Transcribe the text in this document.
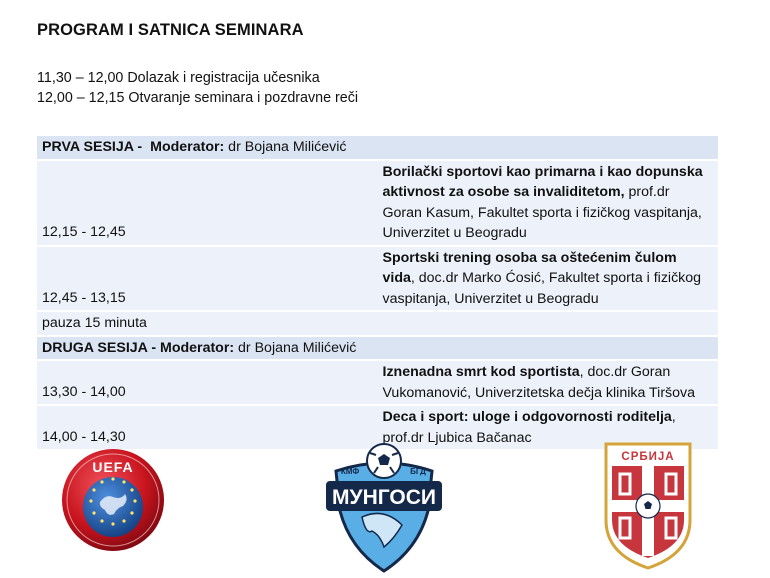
PROGRAM I SATNICA SEMINARA
11,30 – 12,00 Dolazak i registracija učesnika
12,00 – 12,15 Otvaranje seminara i pozdravne reči
PRVA SESIJA - Moderator: dr Bojana Milićević	
12,15 - 12,45	Borilački sportovi kao primarna i kao dopunska aktivnost za osobe sa invaliditetom, prof.dr Goran Kasum, Fakultet sporta i fizičkog vaspitanja, Univerzitet u Beogradu
12,45 - 13,15	Sportski trening osoba sa oštećenim čulom vida, doc.dr Marko Ćosić, Fakultet sporta i fizičkog vaspitanja, Univerzitet u Beogradu
pauza 15 minuta	
DRUGA SESIJA - Moderator: dr Bojana Milićević	
13,30 - 14,00	Iznenadna smrt kod sportista, doc.dr Goran Vukomanović, Univerzitetska dečja klinika Tiršova
14,00 - 14,30	Deca i sport: uloge i odgovornosti roditelja, prof.dr Ljubica Bačanac
UEFA
МУНГОСИ
КМФ	БГД
СРБИЈА
